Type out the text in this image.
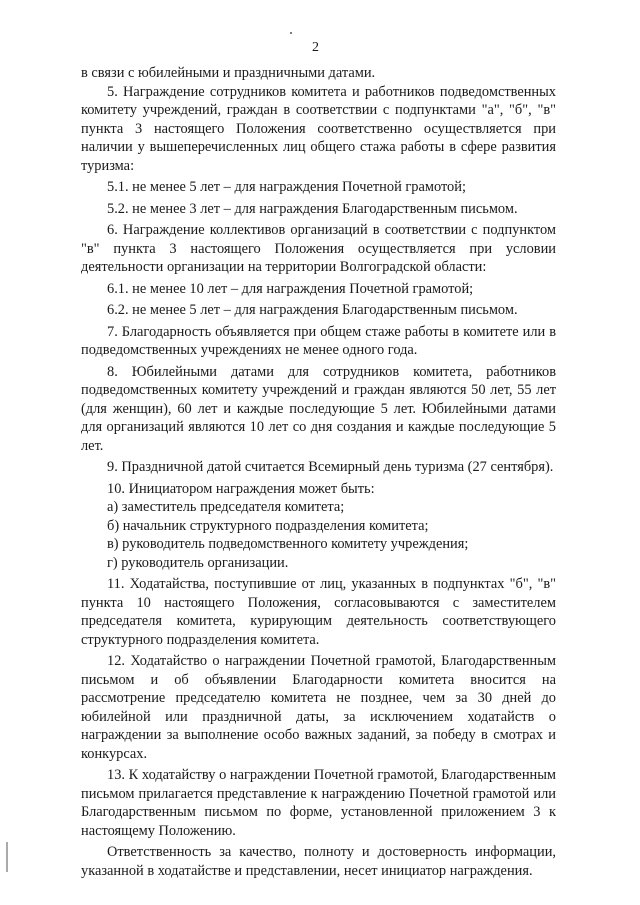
2

в связи с юбилейными и праздничными датами.

5. Награждение сотрудников комитета и работников подведомственных комитету учреждений, граждан в соответствии с подпунктами "а", "б", "в" пункта 3 настоящего Положения соответственно осуществляется при наличии у вышеперечисленных лиц общего стажа работы в сфере развития туризма:

5.1. не менее 5 лет – для награждения Почетной грамотой;

5.2. не менее 3 лет – для награждения Благодарственным письмом.

6. Награждение коллективов организаций в соответствии с подпунктом "в" пункта 3 настоящего Положения осуществляется при условии деятельности организации на территории Волгоградской области:

6.1. не менее 10 лет – для награждения Почетной грамотой;

6.2. не менее 5 лет – для награждения Благодарственным письмом.

7. Благодарность объявляется при общем стаже работы в комитете или в подведомственных учреждениях не менее одного года.

8. Юбилейными датами для сотрудников комитета, работников подведомственных комитету учреждений и граждан являются 50 лет, 55 лет (для женщин), 60 лет и каждые последующие 5 лет. Юбилейными датами для организаций являются 10 лет со дня создания и каждые последующие 5 лет.

9. Праздничной датой считается Всемирный день туризма (27 сентября).

10. Инициатором награждения может быть:

а) заместитель председателя комитета;

б) начальник структурного подразделения комитета;

в) руководитель подведомственного комитету учреждения;

г) руководитель организации.

11. Ходатайства, поступившие от лиц, указанных в подпунктах "б", "в" пункта 10 настоящего Положения, согласовываются с заместителем председателя комитета, курирующим деятельность соответствующего структурного подразделения комитета.

12. Ходатайство о награждении Почетной грамотой, Благодарственным письмом и об объявлении Благодарности комитета вносится на рассмотрение председателю комитета не позднее, чем за 30 дней до юбилейной или праздничной даты, за исключением ходатайств о награждении за выполнение особо важных заданий, за победу в смотрах и конкурсах.

13. К ходатайству о награждении Почетной грамотой, Благодарственным письмом прилагается представление к награждению Почетной грамотой или Благодарственным письмом по форме, установленной приложением 3 к настоящему Положению.

Ответственность за качество, полноту и достоверность информации, указанной в ходатайстве и представлении, несет инициатор награждения.
